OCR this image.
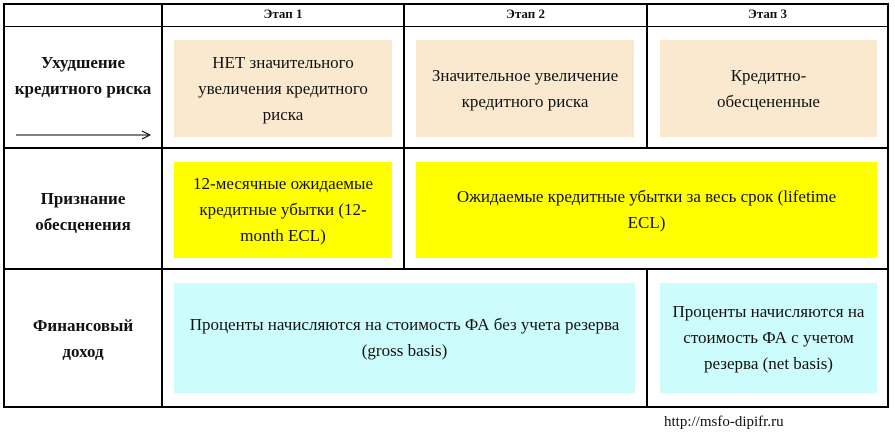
Этап 1	Этап 2	Этап 3
Ухудшение кредитного риска
Признание обесценения
Финансовый доход
НЕТ значительного увеличения кредитного риска
Значительное увеличение кредитного риска
Кредитно-обесцененные
12-месячные ожидаемые кредитные убытки (12-month ECL)
Ожидаемые кредитные убытки за весь срок (lifetime ECL)
Проценты начисляются на стоимость ФА без учета резерва (gross basis)
Проценты начисляются на стоимость ФА с учетом резерва (net basis)
http://msfo-dipifr.ru
